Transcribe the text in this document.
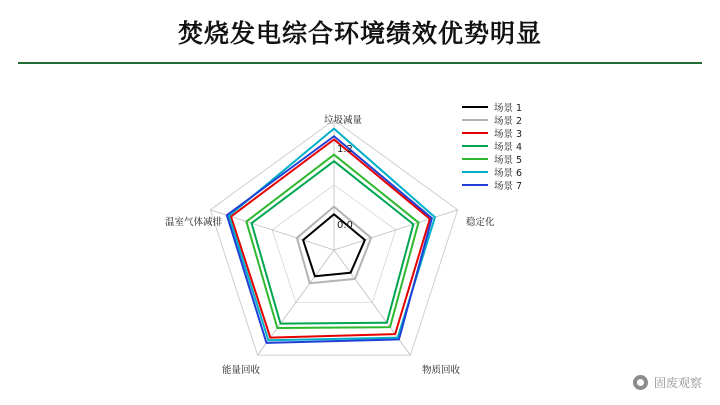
焚烧发电综合环境绩效优势明显
垃圾减量
稳定化
物质回收
能量回收
温室气体减排
1.2
0.0
场景 1
场景 2
场景 3
场景 4
场景 5
场景 6
场景 7
固废观察
